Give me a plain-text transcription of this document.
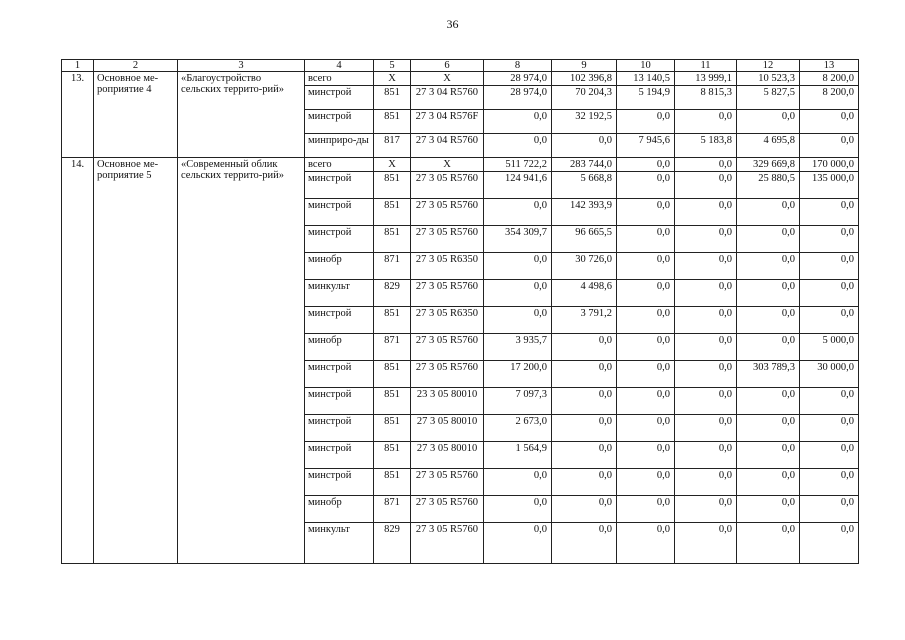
36
1	2	3	4	5	6	8	9	10	11	12	13
13.	Основное ме-роприятие 4	«Благоустройство сельских террито-рий»	всего	Х	Х	28 974,0	102 396,8	13 140,5	13 999,1	10 523,3	8 200,0
			минстрой	851	27 3 04 R5760	28 974,0	70 204,3	5 194,9	8 815,3	5 827,5	8 200,0
			минстрой	851	27 3 04 R576F	0,0	32 192,5	0,0	0,0	0,0	0,0
			минприро-ды	817	27 3 04 R5760	0,0	0,0	7 945,6	5 183,8	4 695,8	0,0
14.	Основное ме-роприятие 5	«Современный облик сельских террито-рий»	всего	Х	Х	511 722,2	283 744,0	0,0	0,0	329 669,8	170 000,0
			минстрой	851	27 3 05 R5760	124 941,6	5 668,8	0,0	0,0	25 880,5	135 000,0
			минстрой	851	27 3 05 R5760	0,0	142 393,9	0,0	0,0	0,0	0,0
			минстрой	851	27 3 05 R5760	354 309,7	96 665,5	0,0	0,0	0,0	0,0
			минобр	871	27 3 05 R6350	0,0	30 726,0	0,0	0,0	0,0	0,0
			минкульт	829	27 3 05 R5760	0,0	4 498,6	0,0	0,0	0,0	0,0
			минстрой	851	27 3 05 R6350	0,0	3 791,2	0,0	0,0	0,0	0,0
			минобр	871	27 3 05 R5760	3 935,7	0,0	0,0	0,0	0,0	5 000,0
			минстрой	851	27 3 05 R5760	17 200,0	0,0	0,0	0,0	303 789,3	30 000,0
			минстрой	851	23 3 05 80010	7 097,3	0,0	0,0	0,0	0,0	0,0
			минстрой	851	27 3 05 80010	2 673,0	0,0	0,0	0,0	0,0	0,0
			минстрой	851	27 3 05 80010	1 564,9	0,0	0,0	0,0	0,0	0,0
			минстрой	851	27 3 05 R5760	0,0	0,0	0,0	0,0	0,0	0,0
			минобр	871	27 3 05 R5760	0,0	0,0	0,0	0,0	0,0	0,0
			минкульт	829	27 3 05 R5760	0,0	0,0	0,0	0,0	0,0	0,0
